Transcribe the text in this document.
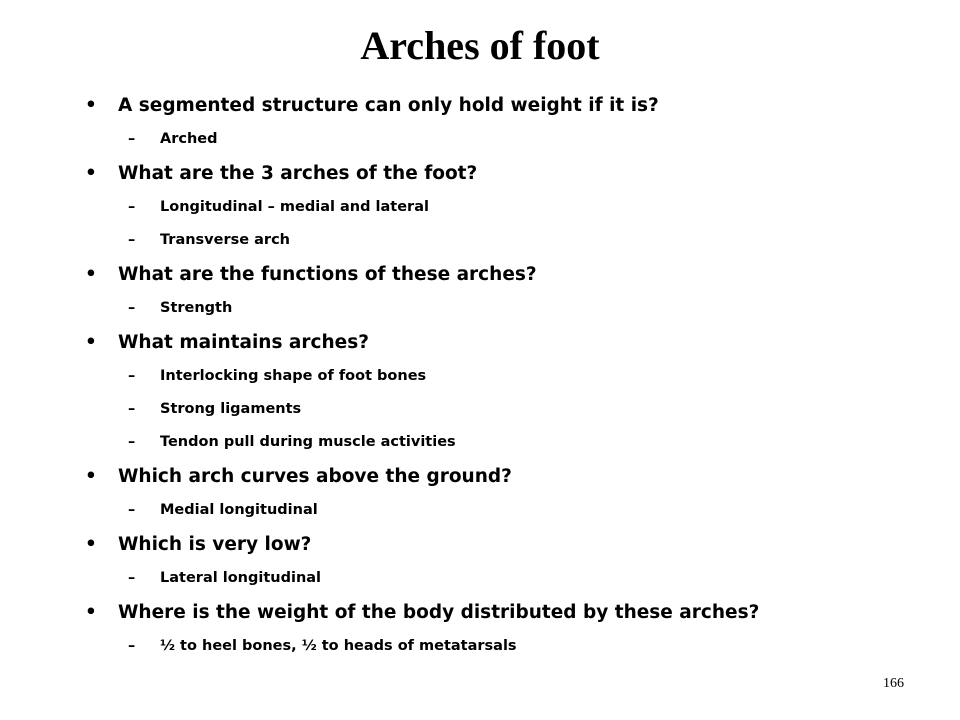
Arches of foot
• A segmented structure can only hold weight if it is?
– Arched
• What are the 3 arches of the foot?
– Longitudinal – medial and lateral
– Transverse arch
• What are the functions of these arches?
– Strength
• What maintains arches?
– Interlocking shape of foot bones
– Strong ligaments
– Tendon pull during muscle activities
• Which arch curves above the ground?
– Medial longitudinal
• Which is very low?
– Lateral longitudinal
• Where is the weight of the body distributed by these arches?
– ½ to heel bones, ½ to heads of metatarsals
166
